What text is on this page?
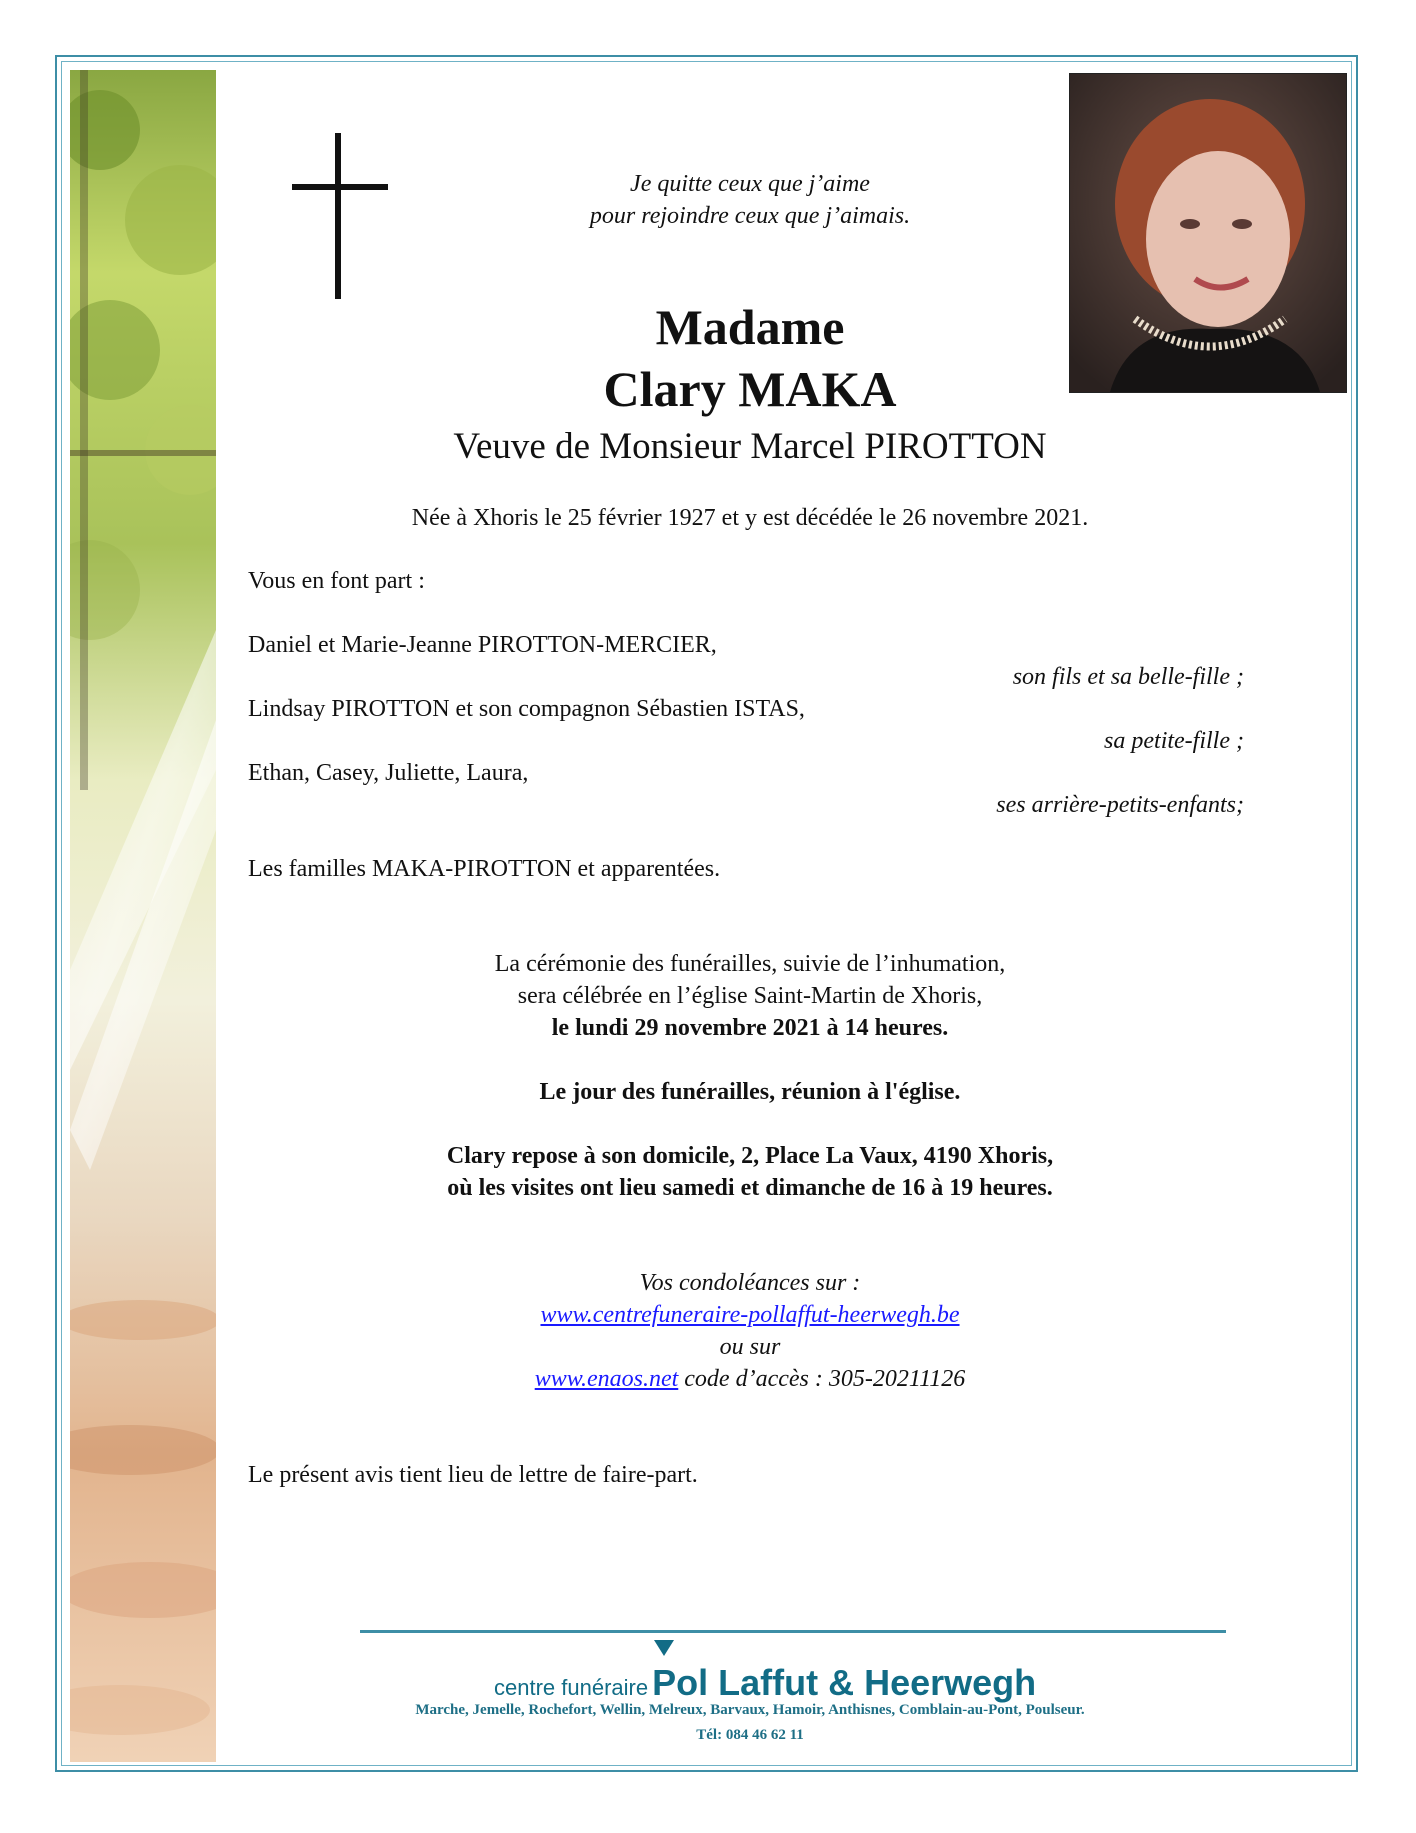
Je quitte ceux que j’aime
pour rejoindre ceux que j’aimais.
Madame
Clary MAKA
Veuve de Monsieur Marcel PIROTTON
Née à Xhoris le 25 février 1927 et y est décédée le 26 novembre 2021.
Vous en font part :
Daniel et Marie-Jeanne PIROTTON-MERCIER,
son fils et sa belle-fille ;
Lindsay PIROTTON et son compagnon Sébastien ISTAS,
sa petite-fille ;
Ethan, Casey, Juliette, Laura,
ses arrière-petits-enfants;
Les familles MAKA-PIROTTON et apparentées.
La cérémonie des funérailles, suivie de l’inhumation,
sera célébrée en l’église Saint-Martin de Xhoris,
le lundi 29 novembre 2021 à 14 heures.
Le jour des funérailles, réunion à l'église.
Clary repose à son domicile, 2, Place La Vaux, 4190 Xhoris,
où les visites ont lieu samedi et dimanche de 16 à 19 heures.
Vos condoléances sur :
www.centrefuneraire-pollaffut-heerwegh.be
ou sur
www.enaos.net code d’accès : 305-20211126
Le présent avis tient lieu de lettre de faire-part.
centre funéraire Pol Laffut & Heerwegh
Marche, Jemelle, Rochefort, Wellin, Melreux, Barvaux, Hamoir, Anthisnes, Comblain-au-Pont, Poulseur.
Tél: 084 46 62 11
